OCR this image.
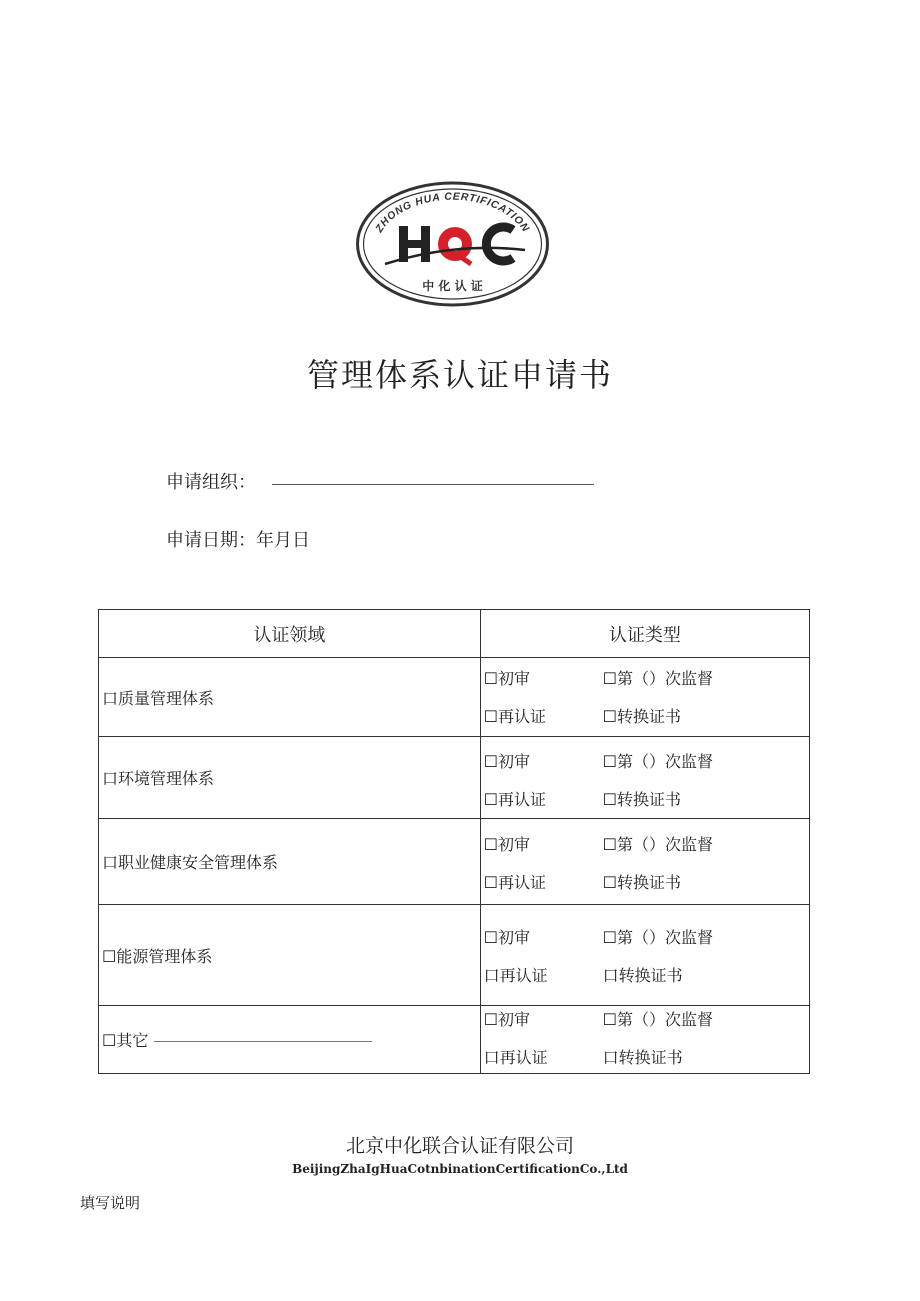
ZHONG HUA CERTIFICATION
中 化 认 证
管理体系认证申请书
申请组织：
申请日期：年月日
认证领域	认证类型
口质量管理体系	☐初审 ☐第（）次监督
☐再认证 ☐转换证书

口环境管理体系	☐初审 ☐第（）次监督
☐再认证 ☐转换证书

口职业健康安全管理体系	☐初审 ☐第（）次监督
☐再认证 ☐转换证书

☐能源管理体系	☐初审 ☐第（）次监督
口再认证 口转换证书

☐其它	☐初审 ☐第（）次监督
口再认证 口转换证书
北京中化联合认证有限公司
BeijingZhaIgHuaCotnbinationCertificationCo.,Ltd
填写说明
